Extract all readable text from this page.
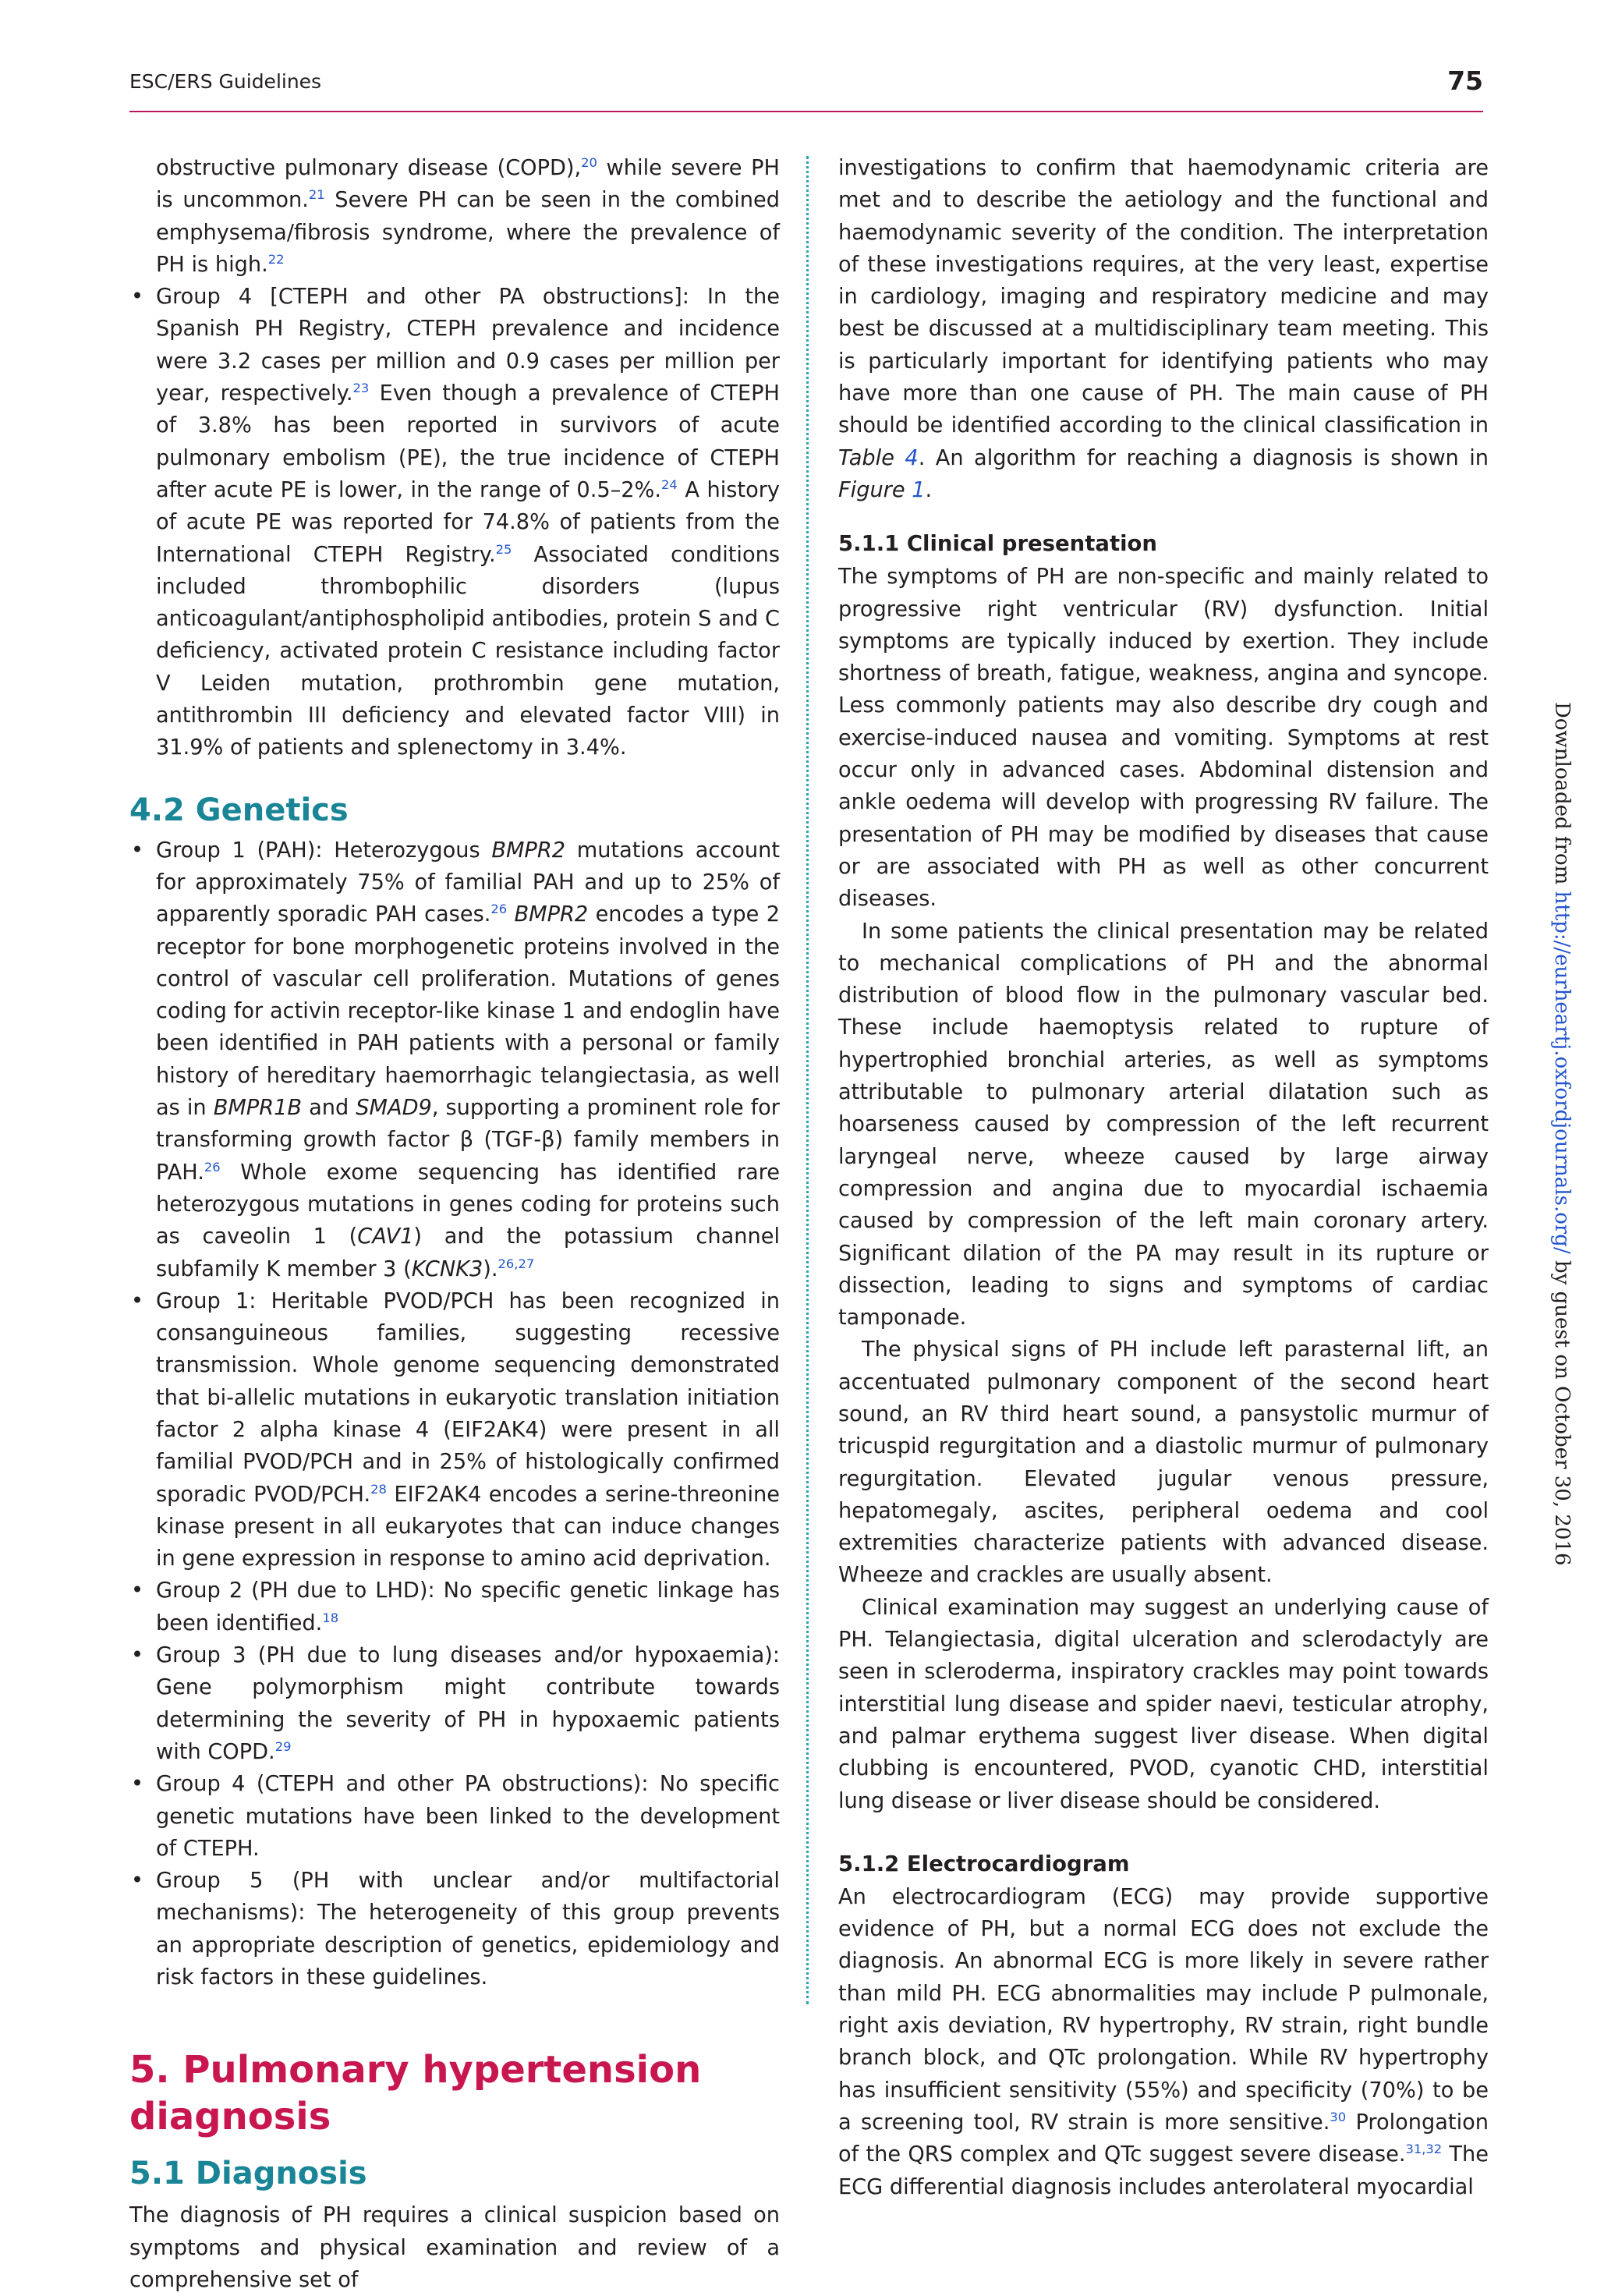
ESC/ERS Guidelines	75

obstructive pulmonary disease (COPD),$^{20}$ while severe PH is uncommon.$^{21}$ Severe PH can be seen in the combined emphysema/fibrosis syndrome, where the prevalence of PH is high.$^{22}$

• Group 4 [CTEPH and other PA obstructions]: In the Spanish PH Registry, CTEPH prevalence and incidence were 3.2 cases per million and 0.9 cases per million per year, respectively.$^{23}$ Even though a prevalence of CTEPH of 3.8% has been reported in survivors of acute pulmonary embolism (PE), the true incidence of CTEPH after acute PE is lower, in the range of 0.5–2%.$^{24}$ A history of acute PE was reported for 74.8% of patients from the International CTEPH Registry.$^{25}$ Associated conditions included thrombophilic disorders (lupus anticoagulant/antiphospholipid antibodies, protein S and C deficiency, activated protein C resistance including factor V Leiden mutation, prothrombin gene mutation, antithrombin III deficiency and elevated factor VIII) in 31.9% of patients and splenectomy in 3.4%.
4.2 Genetics
• Group 1 (PAH): Heterozygous BMPR2 mutations account for approximately 75% of familial PAH and up to 25% of apparently sporadic PAH cases.$^{26}$ BMPR2 encodes a type 2 receptor for bone morphogenetic proteins involved in the control of vascular cell proliferation. Mutations of genes coding for activin receptor-like kinase 1 and endoglin have been identified in PAH patients with a personal or family history of hereditary haemorrhagic telangiectasia, as well as in BMPR1B and SMAD9, supporting a prominent role for transforming growth factor β (TGF-β) family members in PAH.$^{26}$ Whole exome sequencing has identified rare heterozygous mutations in genes coding for proteins such as caveolin 1 (CAV1) and the potassium channel subfamily K member 3 (KCNK3).$^{26,27}$
• Group 1: Heritable PVOD/PCH has been recognized in consanguineous families, suggesting recessive transmission. Whole genome sequencing demonstrated that bi-allelic mutations in eukaryotic translation initiation factor 2 alpha kinase 4 (EIF2AK4) were present in all familial PVOD/PCH and in 25% of histologically confirmed sporadic PVOD/PCH.$^{28}$ EIF2AK4 encodes a serine-threonine kinase present in all eukaryotes that can induce changes in gene expression in response to amino acid deprivation.
• Group 2 (PH due to LHD): No specific genetic linkage has been identified.$^{18}$
• Group 3 (PH due to lung diseases and/or hypoxaemia): Gene polymorphism might contribute towards determining the severity of PH in hypoxaemic patients with COPD.$^{29}$
• Group 4 (CTEPH and other PA obstructions): No specific genetic mutations have been linked to the development of CTEPH.
• Group 5 (PH with unclear and/or multifactorial mechanisms): The heterogeneity of this group prevents an appropriate description of genetics, epidemiology and risk factors in these guidelines.
5. Pulmonary hypertension diagnosis
5.1 Diagnosis

The diagnosis of PH requires a clinical suspicion based on symptoms and physical examination and review of a comprehensive set of

investigations to confirm that haemodynamic criteria are met and to describe the aetiology and the functional and haemodynamic severity of the condition. The interpretation of these investigations requires, at the very least, expertise in cardiology, imaging and respiratory medicine and may best be discussed at a multidisciplinary team meeting. This is particularly important for identifying patients who may have more than one cause of PH. The main cause of PH should be identified according to the clinical classification in Table 4. An algorithm for reaching a diagnosis is shown in Figure 1.

5.1.1 Clinical presentation

The symptoms of PH are non-specific and mainly related to progressive right ventricular (RV) dysfunction. Initial symptoms are typically induced by exertion. They include shortness of breath, fatigue, weakness, angina and syncope. Less commonly patients may also describe dry cough and exercise-induced nausea and vomiting. Symptoms at rest occur only in advanced cases. Abdominal distension and ankle oedema will develop with progressing RV failure. The presentation of PH may be modified by diseases that cause or are associated with PH as well as other concurrent diseases.

In some patients the clinical presentation may be related to mechanical complications of PH and the abnormal distribution of blood flow in the pulmonary vascular bed. These include haemoptysis related to rupture of hypertrophied bronchial arteries, as well as symptoms attributable to pulmonary arterial dilatation such as hoarseness caused by compression of the left recurrent laryngeal nerve, wheeze caused by large airway compression and angina due to myocardial ischaemia caused by compression of the left main coronary artery. Significant dilation of the PA may result in its rupture or dissection, leading to signs and symptoms of cardiac tamponade.

The physical signs of PH include left parasternal lift, an accentuated pulmonary component of the second heart sound, an RV third heart sound, a pansystolic murmur of tricuspid regurgitation and a diastolic murmur of pulmonary regurgitation. Elevated jugular venous pressure, hepatomegaly, ascites, peripheral oedema and cool extremities characterize patients with advanced disease. Wheeze and crackles are usually absent.

Clinical examination may suggest an underlying cause of PH. Telangiectasia, digital ulceration and sclerodactyly are seen in scleroderma, inspiratory crackles may point towards interstitial lung disease and spider naevi, testicular atrophy, and palmar erythema suggest liver disease. When digital clubbing is encountered, PVOD, cyanotic CHD, interstitial lung disease or liver disease should be considered.

5.1.2 Electrocardiogram

An electrocardiogram (ECG) may provide supportive evidence of PH, but a normal ECG does not exclude the diagnosis. An abnormal ECG is more likely in severe rather than mild PH. ECG abnormalities may include P pulmonale, right axis deviation, RV hypertrophy, RV strain, right bundle branch block, and QTc prolongation. While RV hypertrophy has insufficient sensitivity (55%) and specificity (70%) to be a screening tool, RV strain is more sensitive.$^{30}$ Prolongation of the QRS complex and QTc suggest severe disease.$^{31,32}$ The ECG differential diagnosis includes anterolateral myocardial

Downloaded from http://eurheartj.oxfordjournals.org/ by guest on October 30, 2016
